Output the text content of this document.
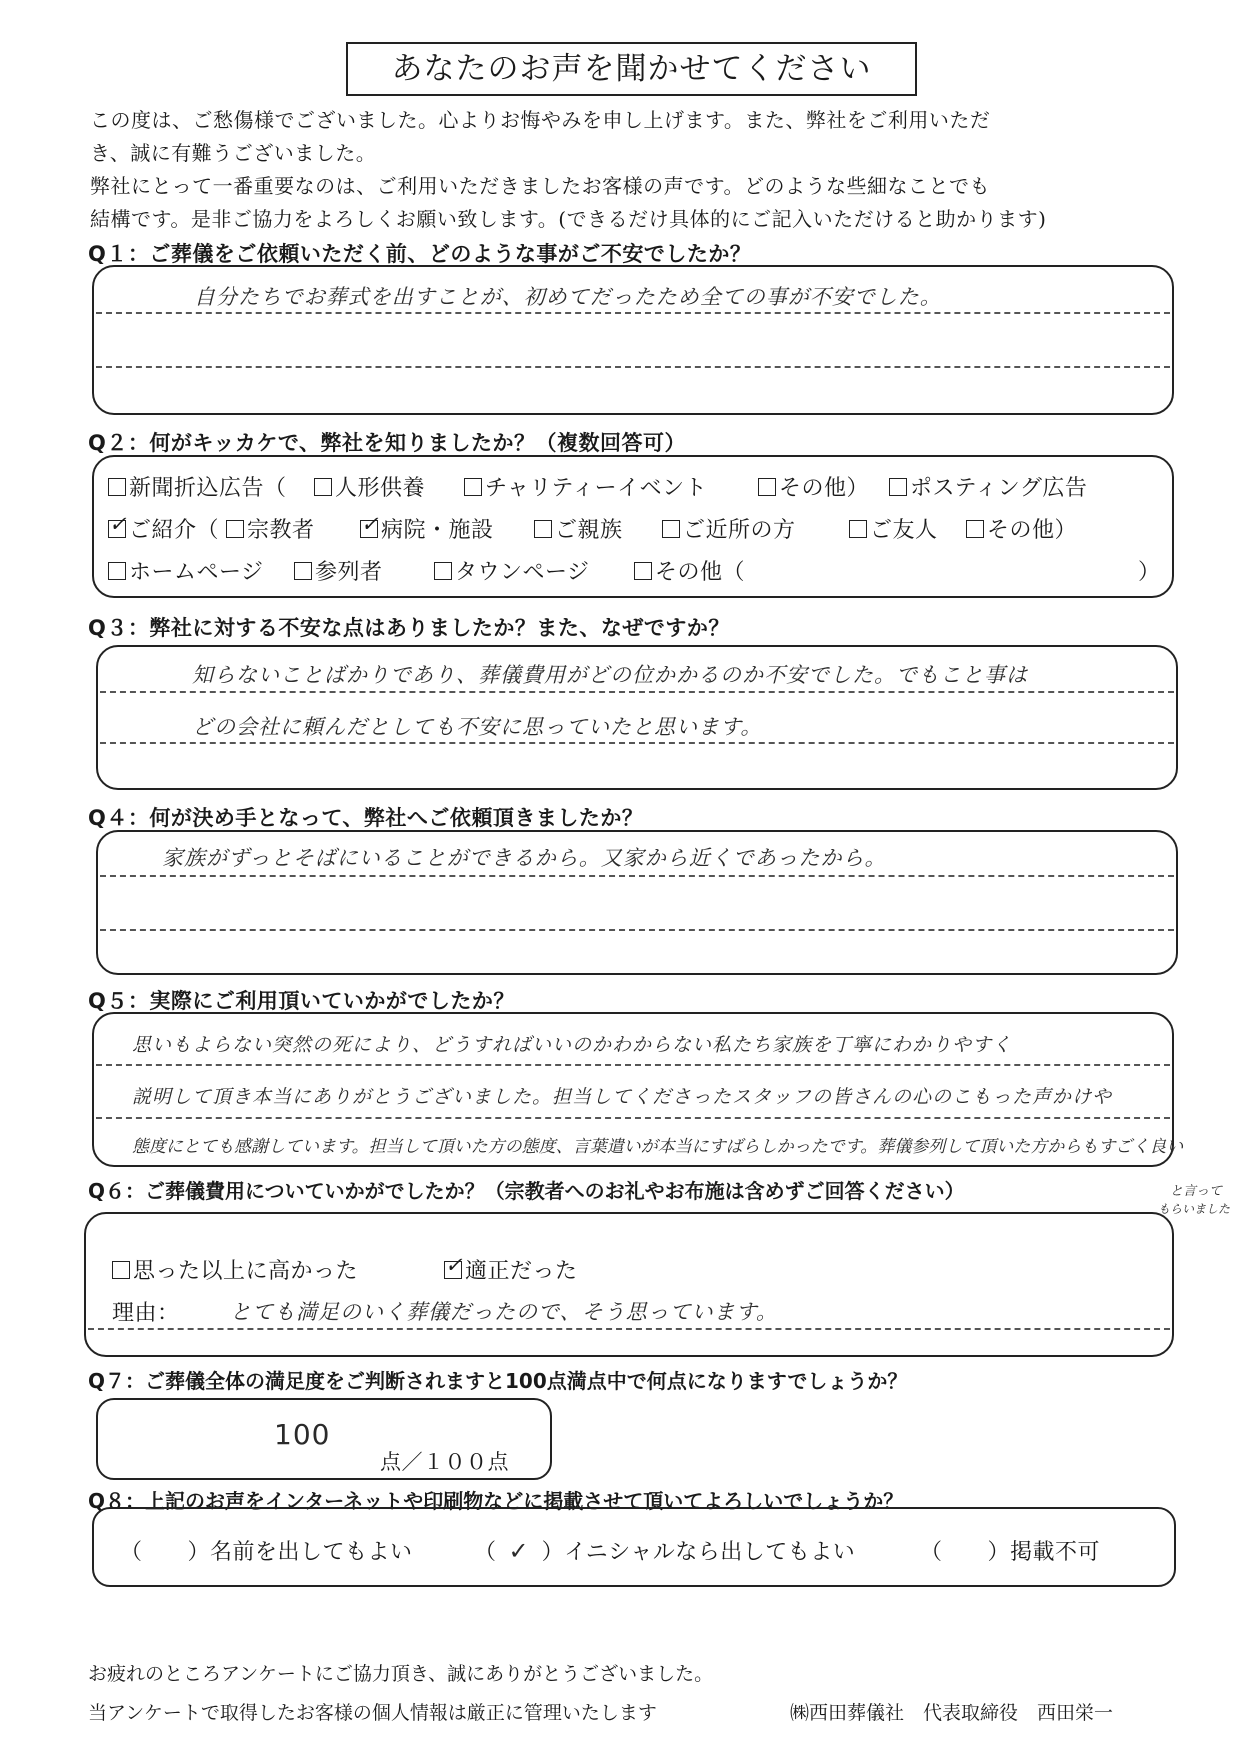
あなたのお声を聞かせてください
この度は、ご愁傷様でございました。心よりお悔やみを申し上げます。また、弊社をご利用いただ
き、誠に有難うございました。
弊社にとって一番重要なのは、ご利用いただきましたお客様の声です。どのような些細なことでも
結構です。是非ご協力をよろしくお願い致します。(できるだけ具体的にご記入いただけると助かります)
Q１：ご葬儀をご依頼いただく前、どのような事がご不安でしたか？
自分たちでお葬式を出すことが、初めてだったため全ての事が不安でした。
Q２：何がキッカケで、弊社を知りましたか？（複数回答可）
新聞折込広告（	人形供養	チャリティーイベント	その他）	ポスティング広告
✓ご紹介（	宗教者 ✓	病院・施設	ご親族	ご近所の方	ご友人	その他）
ホームページ	参列者	タウンページ	その他（	）
Q３：弊社に対する不安な点はありましたか？また、なぜですか？
知らないことばかりであり、葬儀費用がどの位かかるのか不安でした。でもこと事は
どの会社に頼んだとしても不安に思っていたと思います。
Q４：何が決め手となって、弊社へご依頼頂きましたか？
家族がずっとそばにいることができるから。又家から近くであったから。
Q５：実際にご利用頂いていかがでしたか？
思いもよらない突然の死により、どうすればいいのかわからない私たち家族を丁寧にわかりやすく
説明して頂き本当にありがとうございました。担当してくださったスタッフの皆さんの心のこもった声かけや
態度にとても感謝しています。担当して頂いた方の態度、言葉遣いが本当にすばらしかったです。葬儀参列して頂いた方からもすごく良い
と言って
もらいました
Q６：ご葬儀費用についていかがでしたか？（宗教者へのお礼やお布施は含めずご回答ください）
思った以上に高かった ✓	適正だった
理由： とても満足のいく葬儀だったので、そう思っています。
Q７：ご葬儀全体の満足度をご判断されますと100点満点中で何点になりますでしょうか？
100
点／１００点
Q８：上記のお声をインターネットや印刷物などに掲載させて頂いてよろしいでしょうか？
（　　）名前を出してもよい	（ ✓ ）イニシャルなら出してもよい	（　　）掲載不可
お疲れのところアンケートにご協力頂き、誠にありがとうございました。
当アンケートで取得したお客様の個人情報は厳正に管理いたします	㈱西田葬儀社　代表取締役　西田栄一
